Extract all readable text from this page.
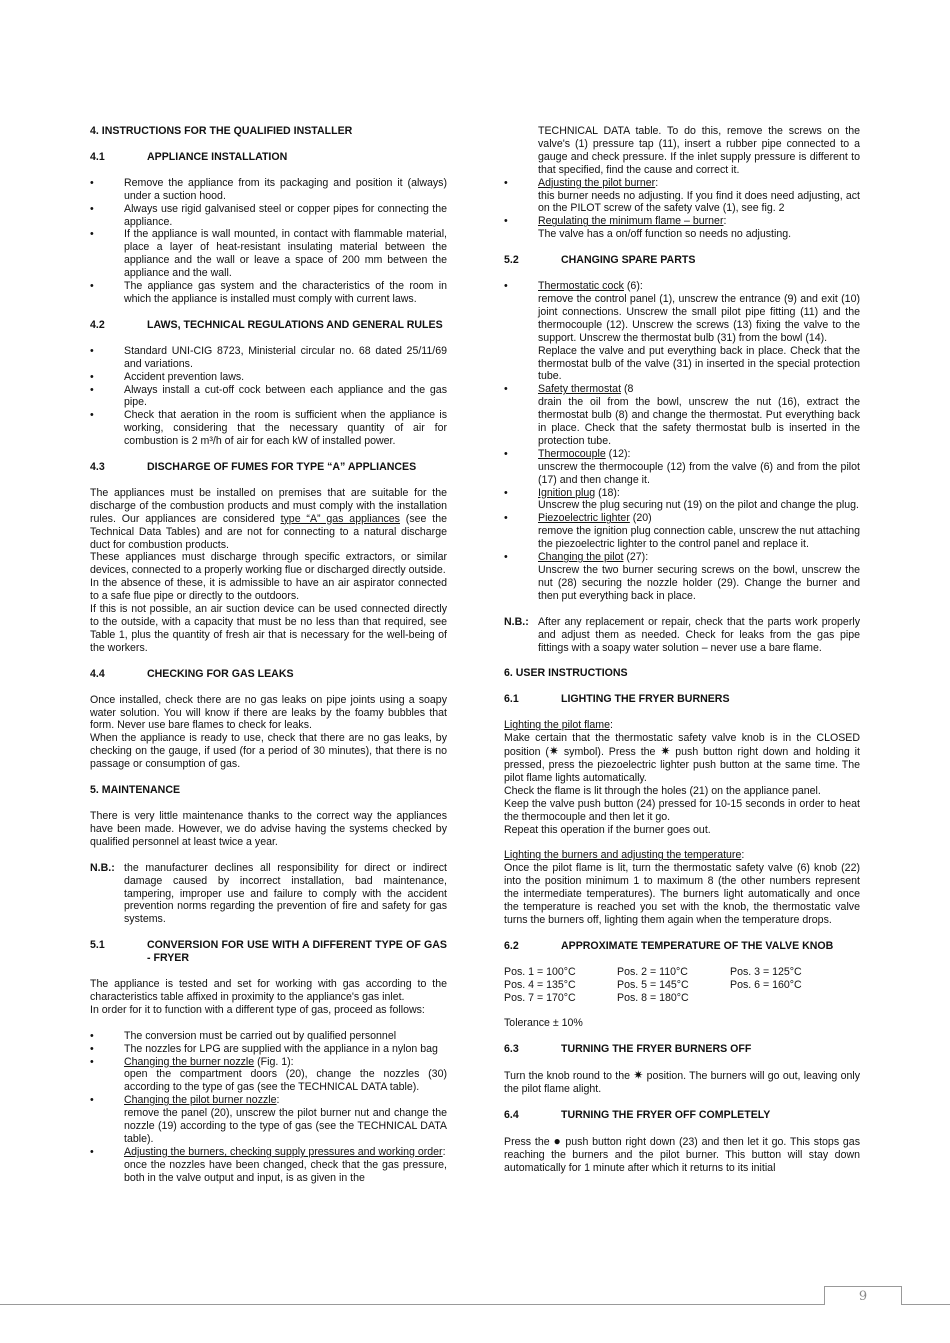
4. INSTRUCTIONS FOR THE QUALIFIED INSTALLER
4.1	APPLIANCE INSTALLATION
• Remove the appliance from its packaging and position it (always) under a suction hood.
• Always use rigid galvanised steel or copper pipes for connecting the appliance.
• If the appliance is wall mounted, in contact with flammable material, place a layer of heat-resistant insulating material between the appliance and the wall or leave a space of 200 mm between the appliance and the wall.
• The appliance gas system and the characteristics of the room in which the appliance is installed must comply with current laws.
4.2	LAWS, TECHNICAL REGULATIONS AND GENERAL RULES
• Standard UNI-CIG 8723, Ministerial circular no. 68 dated 25/11/69 and variations.
• Accident prevention laws.
• Always install a cut-off cock between each appliance and the gas pipe.
• Check that aeration in the room is sufficient when the appliance is working, considering that the necessary quantity of air for combustion is 2 m³/h of air for each kW of installed power.
4.3	DISCHARGE OF FUMES FOR TYPE “A” APPLIANCES

The appliances must be installed on premises that are suitable for the discharge of the combustion products and must comply with the installation rules. Our appliances are considered type “A” gas appliances (see the Technical Data Tables) and are not for connecting to a natural discharge duct for combustion products.

These appliances must discharge through specific extractors, or similar devices, connected to a properly working flue or discharged directly outside.

In the absence of these, it is admissible to have an air aspirator connected to a safe flue pipe or directly to the outdoors.

If this is not possible, an air suction device can be used connected directly to the outside, with a capacity that must be no less than that required, see Table 1, plus the quantity of fresh air that is necessary for the well-being of the workers.

4.4	CHECKING FOR GAS LEAKS

Once installed, check there are no gas leaks on pipe joints using a soapy water solution. You will know if there are leaks by the foamy bubbles that form. Never use bare flames to check for leaks.

When the appliance is ready to use, check that there are no gas leaks, by checking on the gauge, if used (for a period of 30 minutes), that there is no passage or consumption of gas.

5. MAINTENANCE

There is very little maintenance thanks to the correct way the appliances have been made. However, we do advise having the systems checked by qualified personnel at least twice a year.

N.B.: the manufacturer declines all responsibility for direct or indirect damage caused by incorrect installation, bad maintenance, tampering, improper use and failure to comply with the accident prevention norms regarding the prevention of fire and safety for gas systems.
5.1	CONVERSION FOR USE WITH A DIFFERENT TYPE OF GAS - FRYER

The appliance is tested and set for working with gas according to the characteristics table affixed in proximity to the appliance's gas inlet.

In order for it to function with a different type of gas, proceed as follows:

• The conversion must be carried out by qualified personnel
• The nozzles for LPG are supplied with the appliance in a nylon bag
• Changing the burner nozzle (Fig. 1):
open the compartment doors (20), change the nozzles (30) according to the type of gas (see the TECHNICAL DATA table).
• Changing the pilot burner nozzle:
remove the panel (20), unscrew the pilot burner nut and change the nozzle (19) according to the type of gas (see the TECHNICAL DATA table).
• Adjusting the burners, checking supply pressures and working order:
once the nozzles have been changed, check that the gas pressure, both in the valve output and input, is as given in the

TECHNICAL DATA table. To do this, remove the screws on the valve's (1) pressure tap (11), insert a rubber pipe connected to a gauge and check pressure. If the inlet supply pressure is different to that specified, find the cause and correct it.

• Adjusting the pilot burner:
this burner needs no adjusting. If you find it does need adjusting, act on the PILOT screw of the safety valve (1), see fig. 2
• Regulating the minimum flame – burner:
The valve has a on/off function so needs no adjusting.
5.2	CHANGING SPARE PARTS
• Thermostatic cock (6):
remove the control panel (1), unscrew the entrance (9) and exit (10) joint connections. Unscrew the small pilot pipe fitting (11) and the thermocouple (12). Unscrew the screws (13) fixing the valve to the support. Unscrew the thermostat bulb (31) from the bowl (14).
Replace the valve and put everything back in place. Check that the thermostat bulb of the valve (31) in inserted in the special protection tube.
• Safety thermostat (8
drain the oil from the bowl, unscrew the nut (16), extract the thermostat bulb (8) and change the thermostat. Put everything back in place. Check that the safety thermostat bulb is inserted in the protection tube.
• Thermocouple (12):
unscrew the thermocouple (12) from the valve (6) and from the pilot (17) and then change it.
• Ignition plug (18):
Unscrew the plug securing nut (19) on the pilot and change the plug.
• Piezoelectric lighter (20)
remove the ignition plug connection cable, unscrew the nut attaching the piezoelectric lighter to the control panel and replace it.
• Changing the pilot (27):
Unscrew the two burner securing screws on the bowl, unscrew the nut (28) securing the nozzle holder (29). Change the burner and then put everything back in place.
N.B.: After any replacement or repair, check that the parts work properly and adjust them as needed. Check for leaks from the gas pipe fittings with a soapy water solution – never use a bare flame.
6. USER INSTRUCTIONS
6.1	LIGHTING THE FRYER BURNERS

Lighting the pilot flame:

Make certain that the thermostatic safety valve knob is in the CLOSED position (✷ symbol). Press the ✷ push button right down and holding it pressed, press the piezoelectric lighter push button at the same time. The pilot flame lights automatically.

Check the flame is lit through the holes (21) on the appliance panel.

Keep the valve push button (24) pressed for 10-15 seconds in order to heat the thermocouple and then let it go.

Repeat this operation if the burner goes out.

Lighting the burners and adjusting the temperature:

Once the pilot flame is lit, turn the thermostatic safety valve (6) knob (22) into the position minimum 1 to maximum 8 (the other numbers represent the intermediate temperatures). The burners light automatically and once the temperature is reached you set with the knob, the thermostatic valve turns the burners off, lighting them again when the temperature drops.

6.2	APPROXIMATE TEMPERATURE OF THE VALVE KNOB
Pos. 1 = 100°C	Pos. 2 = 110°C	Pos. 3 = 125°C
Pos. 4 = 135°C	Pos. 5 = 145°C	Pos. 6 = 160°C
Pos. 7 = 170°C	Pos. 8 = 180°C

Tolerance ± 10%

6.3	TURNING THE FRYER BURNERS OFF

Turn the knob round to the ✷ position. The burners will go out, leaving only the pilot flame alight.

6.4	TURNING THE FRYER OFF COMPLETELY

Press the ● push button right down (23) and then let it go. This stops gas reaching the burners and the pilot burner. This button will stay down automatically for 1 minute after which it returns to its initial

9
